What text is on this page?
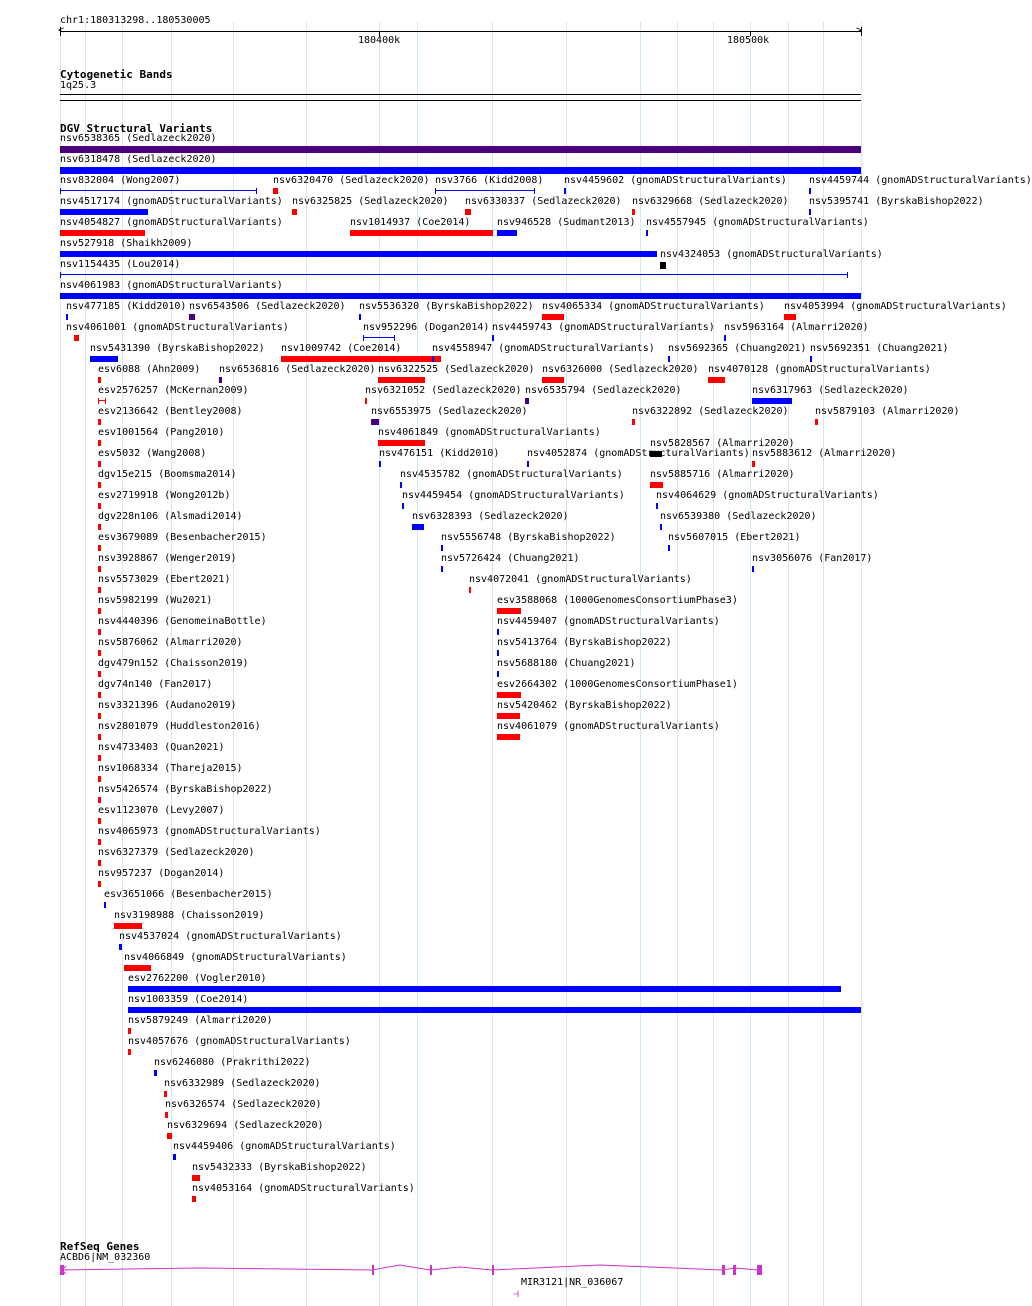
chr1:180313298..180530005
180400k	180500k
<	>
Cytogenetic Bands
1q25.3
DGV Structural Variants
nsv6538365 (Sedlazeck2020)
nsv6318478 (Sedlazeck2020)
nsv832004 (Wong2007)	nsv6320470 (Sedlazeck2020) nsv3766 (Kidd2008) nsv4459602 (gnomADStructuralVariants) nsv4459744 (gnomADStructuralVariants)
nsv4517174 (gnomADStructuralVariants) nsv6325825 (Sedlazeck2020) nsv6330337 (Sedlazeck2020) nsv6329668 (Sedlazeck2020) nsv5395741 (ByrskaBishop2022)
nsv4054827 (gnomADStructuralVariants)	nsv1014937 (Coe2014)	nsv946528 (Sudmant2013) nsv4557945 (gnomADStructuralVariants)
nsv527918 (Shaikh2009)
nsv4324053 (gnomADStructuralVariants)
nsv1154435 (Lou2014)
nsv4061983 (gnomADStructuralVariants)
nsv477185 (Kidd2010) nsv6543506 (Sedlazeck2020) nsv5536320 (ByrskaBishop2022) nsv4065334 (gnomADStructuralVariants) nsv4053994 (gnomADStructuralVariants)
nsv4061001 (gnomADStructuralVariants)	nsv952296 (Dogan2014) nsv4459743 (gnomADStructuralVariants) nsv5963164 (Almarri2020)
nsv5431390 (ByrskaBishop2022) nsv1009742 (Coe2014)	nsv4558947 (gnomADStructuralVariants) nsv5692365 (Chuang2021) nsv5692351 (Chuang2021)
esv6088 (Ahn2009) nsv6536816 (Sedlazeck2020) nsv6322525 (Sedlazeck2020) nsv6326000 (Sedlazeck2020) nsv4070128 (gnomADStructuralVariants)
esv2576257 (McKernan2009)	nsv6321052 (Sedlazeck2020) nsv6535794 (Sedlazeck2020)	nsv6317963 (Sedlazeck2020)
esv2136642 (Bentley2008)	nsv6553975 (Sedlazeck2020)	nsv6322892 (Sedlazeck2020)	nsv5879103 (Almarri2020)
esv1001564 (Pang2010)	nsv4061849 (gnomADStructuralVariants)
nsv5828567 (Almarri2020)
esv5032 (Wang2008)	nsv476151 (Kidd2010)	nsv4052874 (gnomADStructuralVariants) nsv5883612 (Almarri2020)
dgv15e215 (Boomsma2014)	nsv4535782 (gnomADStructuralVariants)	nsv5885716 (Almarri2020)
esv2719918 (Wong2012b)	nsv4459454 (gnomADStructuralVariants)	nsv4064629 (gnomADStructuralVariants)
dgv228n106 (Alsmadi2014)	nsv6328393 (Sedlazeck2020)	nsv6539380 (Sedlazeck2020)
esv3679089 (Besenbacher2015)	nsv5556748 (ByrskaBishop2022)	nsv5607015 (Ebert2021)
nsv3928867 (Wenger2019)	nsv5726424 (Chuang2021)	nsv3056076 (Fan2017)
nsv5573029 (Ebert2021)	nsv4072041 (gnomADStructuralVariants)
nsv5982199 (Wu2021)	esv3588068 (1000GenomesConsortiumPhase3)
nsv4440396 (GenomeinaBottle)	nsv4459407 (gnomADStructuralVariants)
nsv5876062 (Almarri2020)	nsv5413764 (ByrskaBishop2022)
dgv479n152 (Chaisson2019)	nsv5688180 (Chuang2021)
dgv74n140 (Fan2017)	esv2664302 (1000GenomesConsortiumPhase1)
nsv3321396 (Audano2019)	nsv5420462 (ByrskaBishop2022)
nsv2801079 (Huddleston2016)	nsv4061079 (gnomADStructuralVariants)
nsv4733403 (Quan2021)
nsv1068334 (Thareja2015)
nsv5426574 (ByrskaBishop2022)
esv1123070 (Levy2007)
nsv4065973 (gnomADStructuralVariants)
nsv6327379 (Sedlazeck2020)
nsv957237 (Dogan2014)
esv3651066 (Besenbacher2015)
nsv3198988 (Chaisson2019)
nsv4537024 (gnomADStructuralVariants)
nsv4066849 (gnomADStructuralVariants)
esv2762200 (Vogler2010)
nsv1003359 (Coe2014)
nsv5879249 (Almarri2020)
nsv4057676 (gnomADStructuralVariants)
nsv6246080 (Prakrithi2022)
nsv6332989 (Sedlazeck2020)
nsv6326574 (Sedlazeck2020)
nsv6329694 (Sedlazeck2020)
nsv4459406 (gnomADStructuralVariants)
nsv5432333 (ByrskaBishop2022)
nsv4053164 (gnomADStructuralVariants)
RefSeq Genes
ACBD6|NM_032360
MIR3121|NR_036067
⊣
